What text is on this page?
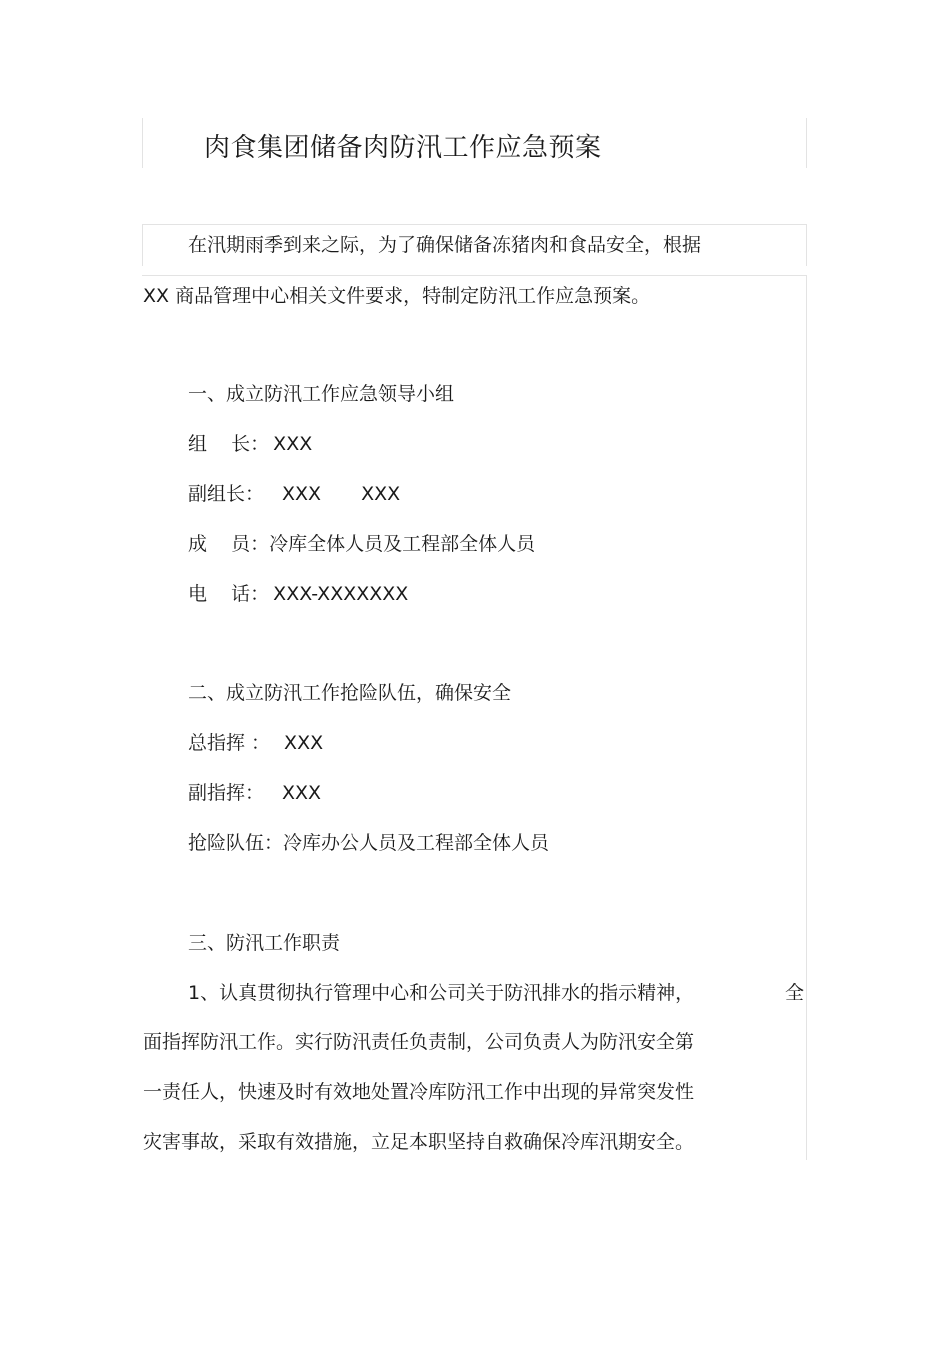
肉食集团储备肉防汛工作应急预案
在汛期雨季到来之际，为了确保储备冻猪肉和食品安全，根据
XX 商品管理中心相关文件要求，特制定防汛工作应急预案。
一、成立防汛工作应急领导小组
组    长： XXX
副组长： XXX XXX
成    员：冷库全体人员及工程部全体人员
电    话： XXX-XXXXXXX
二、成立防汛工作抢险队伍，确保安全
总指挥 ： XXX
副指挥： XXX
抢险队伍：冷库办公人员及工程部全体人员
三、防汛工作职责
1、认真贯彻执行管理中心和公司关于防汛排水的指示精神，	全
面指挥防汛工作。实行防汛责任负责制，公司负责人为防汛安全第
一责任人，快速及时有效地处置冷库防汛工作中出现的异常突发性
灾害事故，采取有效措施，立足本职坚持自救确保冷库汛期安全。
